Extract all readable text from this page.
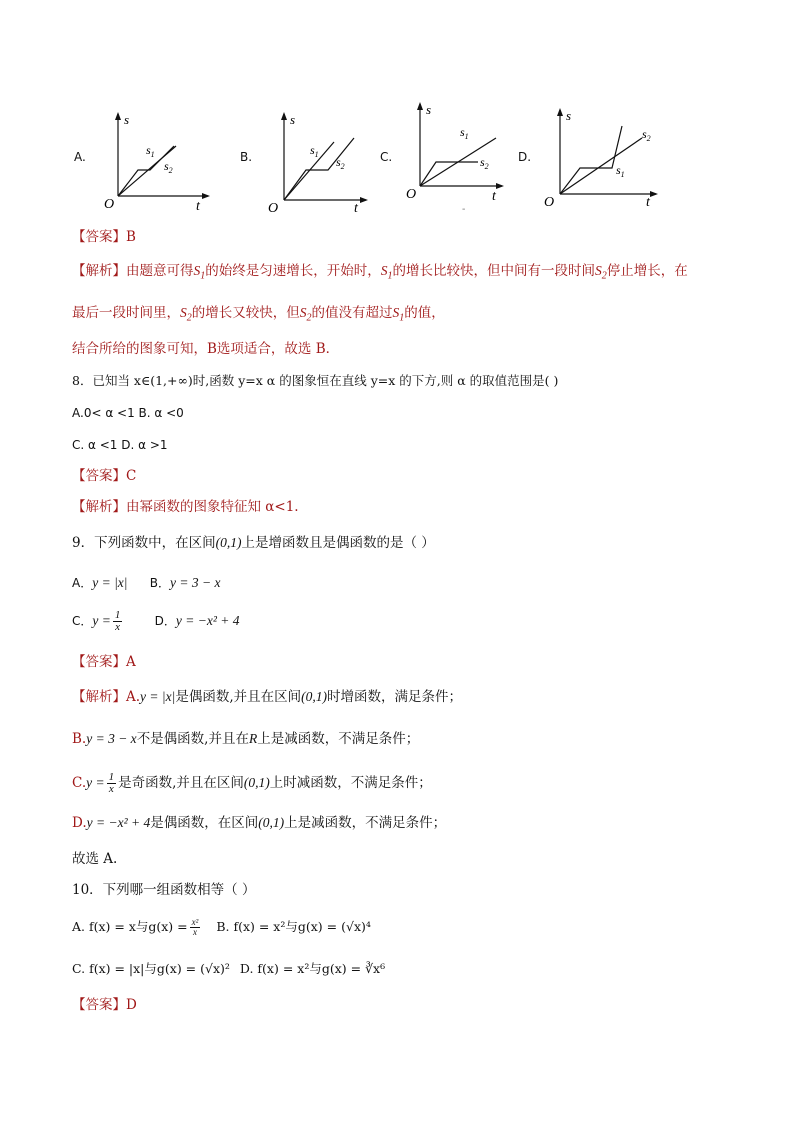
A.	B.	C.	D.
s
t
O
$s_1$
$s_2$
s
t
O
$s_1$
$s_2$
s
t
O
$s_1$
$s_2$
s
t
O
$s_1$
$s_2$
-
【答案】B
【解析】由题意可得$S_1$的始终是匀速增长，开始时，$S_1$的增长比较快，但中间有一段时间$S_2$停止增长，在
最后一段时间里，$S_2$的增长又较快，但$S_2$的值没有超过$S_1$的值，
结合所给的图象可知，B选项适合，故选 B．
8．已知当 x∈(1,+∞)时,函数 y=x α 的图象恒在直线 y=x 的下方,则 α 的取值范围是( )
A.0< α <1 B. α <0
C. α <1 D. α >1
【答案】C
【解析】由幂函数的图象特征知 α<1.
9．下列函数中，在区间(0,1)上是增函数且是偶函数的是（ ）
A．y = |x| B．y = 3 − x
C．$y = \frac{1}{x}$	D．y = −x² + 4
【答案】A
【解析】A.y = |x|是偶函数,并且在区间(0,1)时增函数，满足条件；
B.y = 3 − x不是偶函数,并且在R上是减函数，不满足条件；
$C.y = \frac{1}{x}$ 是奇函数,并且在区间(0,1)上时减函数，不满足条件；
D.y = −x² + 4是偶函数，在区间(0,1)上是减函数，不满足条件；
故选 A.
10．下列哪一组函数相等（ ）
A. f(x) = x与$g(x) = \frac{\text{x²}}{x} B$. f(x) = x²与g(x) = (√x)⁴
C. f(x) = |x|与g(x) = (√x)² D. f(x) = x²与g(x) = ∛x⁶
【答案】D
